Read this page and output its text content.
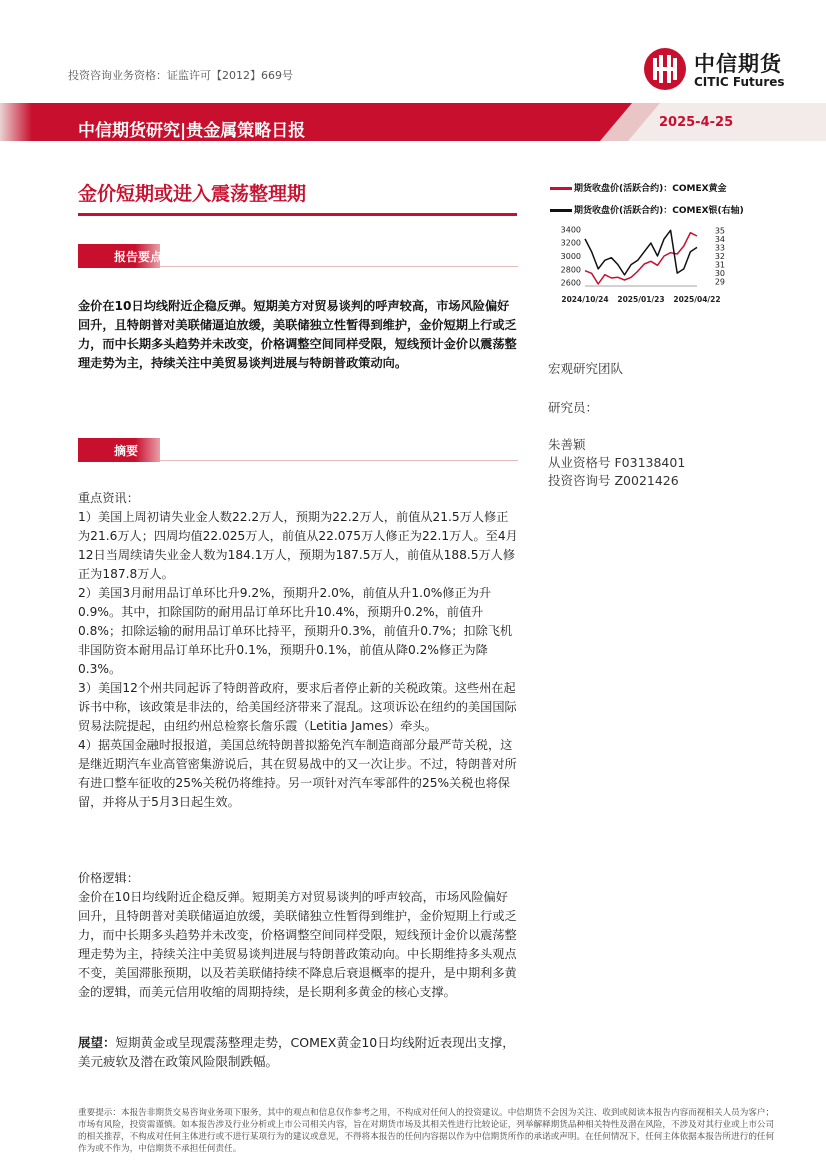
投资咨询业务资格：证监许可【2012】669号	中信期货
CITIC Futures
中信期货研究|贵金属策略日报	2025-4-25
金价短期或进入震荡整理期
报告要点
金价在10日均线附近企稳反弹。短期美方对贸易谈判的呼声较高，市场风险偏好回升，且特朗普对美联储逼迫放缓，美联储独立性暂得到维护，金价短期上行或乏力，而中长期多头趋势并未改变，价格调整空间同样受限，短线预计金价以震荡整理走势为主，持续关注中美贸易谈判进展与特朗普政策动向。
摘要

重点资讯：

1）美国上周初请失业金人数22.2万人，预期为22.2万人，前值从21.5万人修正为21.6万人；四周均值22.025万人，前值从22.075万人修正为22.1万人。至4月12日当周续请失业金人数为184.1万人，预期为187.5万人，前值从188.5万人修正为187.8万人。

2）美国3月耐用品订单环比升9.2%，预期升2.0%，前值从升1.0%修正为升0.9%。其中，扣除国防的耐用品订单环比升10.4%，预期升0.2%，前值升0.8%；扣除运输的耐用品订单环比持平，预期升0.3%，前值升0.7%；扣除飞机非国防资本耐用品订单环比升0.1%，预期升0.1%，前值从降0.2%修正为降0.3%。

3）美国12个州共同起诉了特朗普政府，要求后者停止新的关税政策。这些州在起诉书中称，该政策是非法的，给美国经济带来了混乱。这项诉讼在纽约的美国国际贸易法院提起，由纽约州总检察长詹乐霞（Letitia James）牵头。

4）据英国金融时报报道，美国总统特朗普拟豁免汽车制造商部分最严苛关税，这是继近期汽车业高管密集游说后，其在贸易战中的又一次让步。不过，特朗普对所有进口整车征收的25%关税仍将维持。另一项针对汽车零部件的25%关税也将保留，并将从于5月3日起生效。

价格逻辑：

金价在10日均线附近企稳反弹。短期美方对贸易谈判的呼声较高，市场风险偏好回升，且特朗普对美联储逼迫放缓，美联储独立性暂得到维护，金价短期上行或乏力，而中长期多头趋势并未改变，价格调整空间同样受限，短线预计金价以震荡整理走势为主，持续关注中美贸易谈判进展与特朗普政策动向。中长期维持多头观点不变，美国滞胀预期，以及若美联储持续不降息后衰退概率的提升，是中期利多黄金的逻辑，而美元信用收缩的周期持续，是长期利多黄金的核心支撑。

展望：短期黄金或呈现震荡整理走势，COMEX黄金10日均线附近表现出支撑，美元疲软及潜在政策风险限制跌幅。
期货收盘价(活跃合约)：COMEX黄金
期货收盘价(活跃合约)：COMEX银(右轴)
2600
2800
3000
3200
3400
29
30
31
32
33
34
35
2024/10/24 2025/01/23 2025/04/22
宏观研究团队
研究员：
朱善颖
从业资格号 F03138401
投资咨询号 Z0021426
重要提示：本报告非期货交易咨询业务项下服务，其中的观点和信息仅作参考之用，不构成对任何人的投资建议。中信期货不会因为关注、收到或阅读本报告内容而视相关人员为客户；市场有风险，投资需谨慎。如本报告涉及行业分析或上市公司相关内容，旨在对期货市场及其相关性进行比较论证，列举解释期货品种相关特性及潜在风险，不涉及对其行业或上市公司的相关推荐，不构成对任何主体进行或不进行某项行为的建议或意见，不得将本报告的任何内容据以作为中信期货所作的承诺或声明。在任何情况下，任何主体依据本报告所进行的任何作为或不作为，中信期货不承担任何责任。
